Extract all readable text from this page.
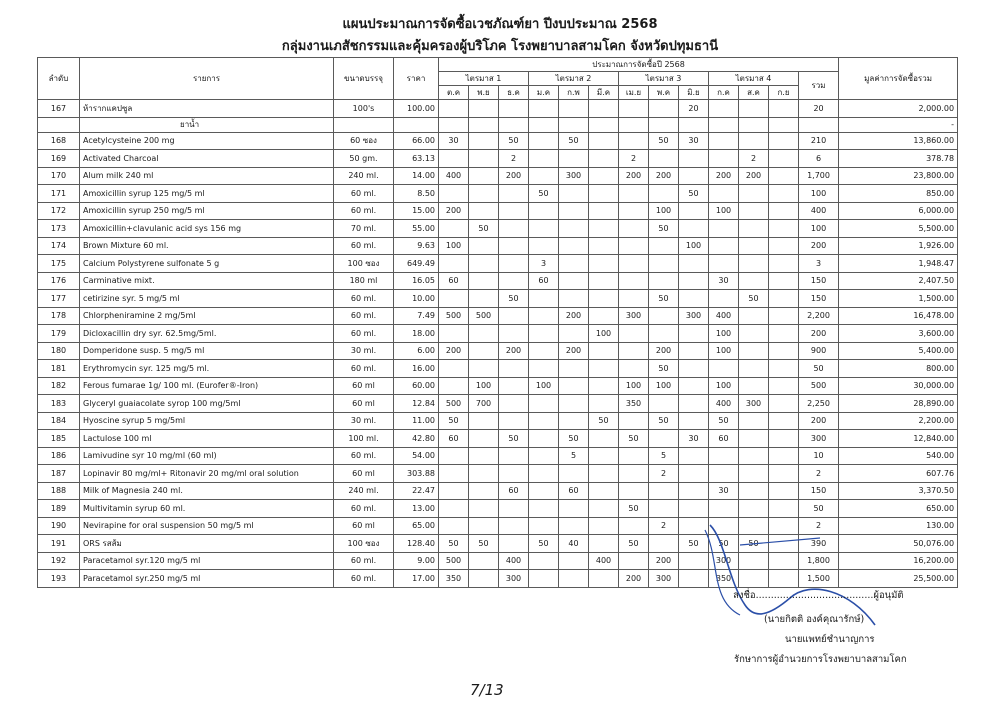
แผนประมาณการจัดซื้อเวชภัณฑ์ยา ปีงบประมาณ 2568
กลุ่มงานเภสัชกรรมและคุ้มครองผู้บริโภค โรงพยาบาลสามโคก จังหวัดปทุมธานี
ลำดับ	รายการ	ขนาดบรรจุ	ราคา	ประมาณการจัดซื้อปี 2568													มูลค่าการจัดซื้อรวม
				ไตรมาส 1			ไตรมาส 2			ไตรมาส 3			ไตรมาส 4			รวม	
				ต.ค	พ.ย	ธ.ค	ม.ค	ก.พ	มี.ค	เม.ย	พ.ค	มิ.ย	ก.ค	ส.ค	ก.ย		
167	ห้ารากแคปซูล	100's	100.00									20				20	2,000.00
	ยาน้ำ																-
168	Acetylcysteine 200 mg	60 ซอง	66.00	30		50		50			50	30				210	13,860.00
169	Activated Charcoal	50 gm.	63.13			2				2				2		6	378.78
170	Alum milk 240 ml	240 ml.	14.00	400		200		300		200	200		200	200		1,700	23,800.00
171	Amoxicillin syrup 125 mg/5 ml	60 ml.	8.50				50					50				100	850.00
172	Amoxicillin syrup 250 mg/5 ml	60 ml.	15.00	200							100		100			400	6,000.00
173	Amoxicillin+clavulanic acid sys 156 mg	70 ml.	55.00		50						50					100	5,500.00
174	Brown Mixture 60 ml.	60 ml.	9.63	100								100				200	1,926.00
175	Calcium Polystyrene sulfonate 5 g	100 ซอง	649.49				3									3	1,948.47
176	Carminative mixt.	180 ml	16.05	60			60						30			150	2,407.50
177	cetirizine syr. 5 mg/5 ml	60 ml.	10.00			50					50			50		150	1,500.00
178	Chlorpheniramine 2 mg/5ml	60 ml.	7.49	500	500			200		300		300	400			2,200	16,478.00
179	Dicloxacillin dry syr. 62.5mg/5ml.	60 ml.	18.00						100				100			200	3,600.00
180	Domperidone susp. 5 mg/5 ml	30 ml.	6.00	200		200		200			200		100			900	5,400.00
181	Erythromycin syr. 125 mg/5 ml.	60 ml.	16.00								50					50	800.00
182	Ferous fumarae 1g/ 100 ml. (Eurofer®-Iron)	60 ml	60.00		100		100			100	100		100			500	30,000.00
183	Glyceryl guaiacolate syrop 100 mg/5ml	60 ml	12.84	500	700					350			400	300		2,250	28,890.00
184	Hyoscine syrup 5 mg/5ml	30 ml.	11.00	50					50		50		50			200	2,200.00
185	Lactulose 100 ml	100 ml.	42.80	60		50		50		50		30	60			300	12,840.00
186	Lamivudine syr 10 mg/ml (60 ml)	60 ml.	54.00					5			5					10	540.00
187	Lopinavir 80 mg/ml+ Ritonavir 20 mg/ml oral solution	60 ml	303.88								2					2	607.76
188	Milk of Magnesia 240 ml.	240 ml.	22.47			60		60					30			150	3,370.50
189	Multivitamin syrup 60 ml.	60 ml.	13.00							50						50	650.00
190	Nevirapine for oral suspension 50 mg/5 ml	60 ml	65.00								2					2	130.00
191	ORS รสส้ม	100 ซอง	128.40	50	50		50	40		50		50	50	50		390	50,076.00
192	Paracetamol syr.120 mg/5 ml	60 ml.	9.00	500		400			400		200		300			1,800	16,200.00
193	Paracetamol syr.250 mg/5 ml	60 ml.	17.00	350		300				200	300		350			1,500	25,500.00
ลงชื่อ.......................................ผู้อนุมัติ
(นายกิตติ องค์คุณารักษ์)
นายแพทย์ชำนาญการ
รักษาการผู้อำนวยการโรงพยาบาลสามโคก
7/13
